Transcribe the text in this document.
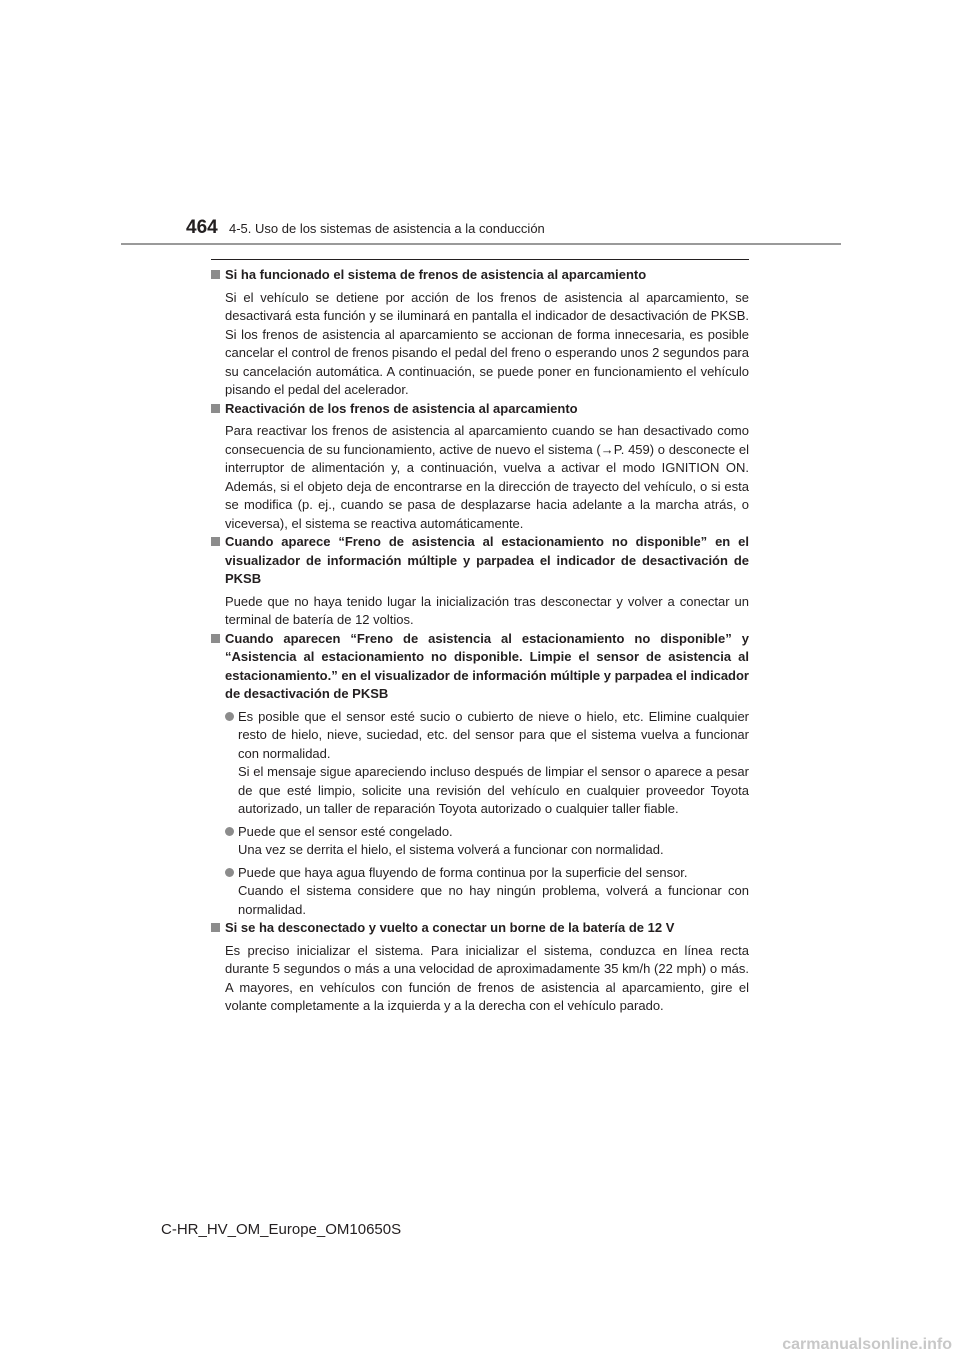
464 4-5. Uso de los sistemas de asistencia a la conducción
Si ha funcionado el sistema de frenos de asistencia al aparcamiento
Si el vehículo se detiene por acción de los frenos de asistencia al aparcamiento, se desactivará esta función y se iluminará en pantalla el indicador de desactivación de PKSB. Si los frenos de asistencia al aparcamiento se accionan de forma innecesaria, es posible cancelar el control de frenos pisando el pedal del freno o esperando unos 2 segundos para su cancelación automática. A continuación, se puede poner en funcionamiento el vehículo pisando el pedal del acelerador.
Reactivación de los frenos de asistencia al aparcamiento
Para reactivar los frenos de asistencia al aparcamiento cuando se han desactivado como consecuencia de su funcionamiento, active de nuevo el sistema (→P. 459) o desconecte el interruptor de alimentación y, a continuación, vuelva a activar el modo IGNITION ON. Además, si el objeto deja de encontrarse en la dirección de trayecto del vehículo, o si esta se modifica (p. ej., cuando se pasa de desplazarse hacia adelante a la marcha atrás, o viceversa), el sistema se reactiva automáticamente.
Cuando aparece “Freno de asistencia al estacionamiento no disponible” en el visualizador de información múltiple y parpadea el indicador de desactivación de PKSB
Puede que no haya tenido lugar la inicialización tras desconectar y volver a conectar un terminal de batería de 12 voltios.
Cuando aparecen “Freno de asistencia al estacionamiento no disponible” y “Asistencia al estacionamiento no disponible. Limpie el sensor de asistencia al estacionamiento.” en el visualizador de información múltiple y parpadea el indicador de desactivación de PKSB
Es posible que el sensor esté sucio o cubierto de nieve o hielo, etc. Elimine cualquier resto de hielo, nieve, suciedad, etc. del sensor para que el sistema vuelva a funcionar con normalidad.
Si el mensaje sigue apareciendo incluso después de limpiar el sensor o aparece a pesar de que esté limpio, solicite una revisión del vehículo en cualquier proveedor Toyota autorizado, un taller de reparación Toyota autorizado o cualquier taller fiable.
Puede que el sensor esté congelado.
Una vez se derrita el hielo, el sistema volverá a funcionar con normalidad.
Puede que haya agua fluyendo de forma continua por la superficie del sensor.
Cuando el sistema considere que no hay ningún problema, volverá a funcionar con normalidad.
Si se ha desconectado y vuelto a conectar un borne de la batería de 12 V
Es preciso inicializar el sistema. Para inicializar el sistema, conduzca en línea recta durante 5 segundos o más a una velocidad de aproximadamente 35 km/h (22 mph) o más. A mayores, en vehículos con función de frenos de asistencia al aparcamiento, gire el volante completamente a la izquierda y a la derecha con el vehículo parado.
C-HR_HV_OM_Europe_OM10650S
carmanualsonline.info
